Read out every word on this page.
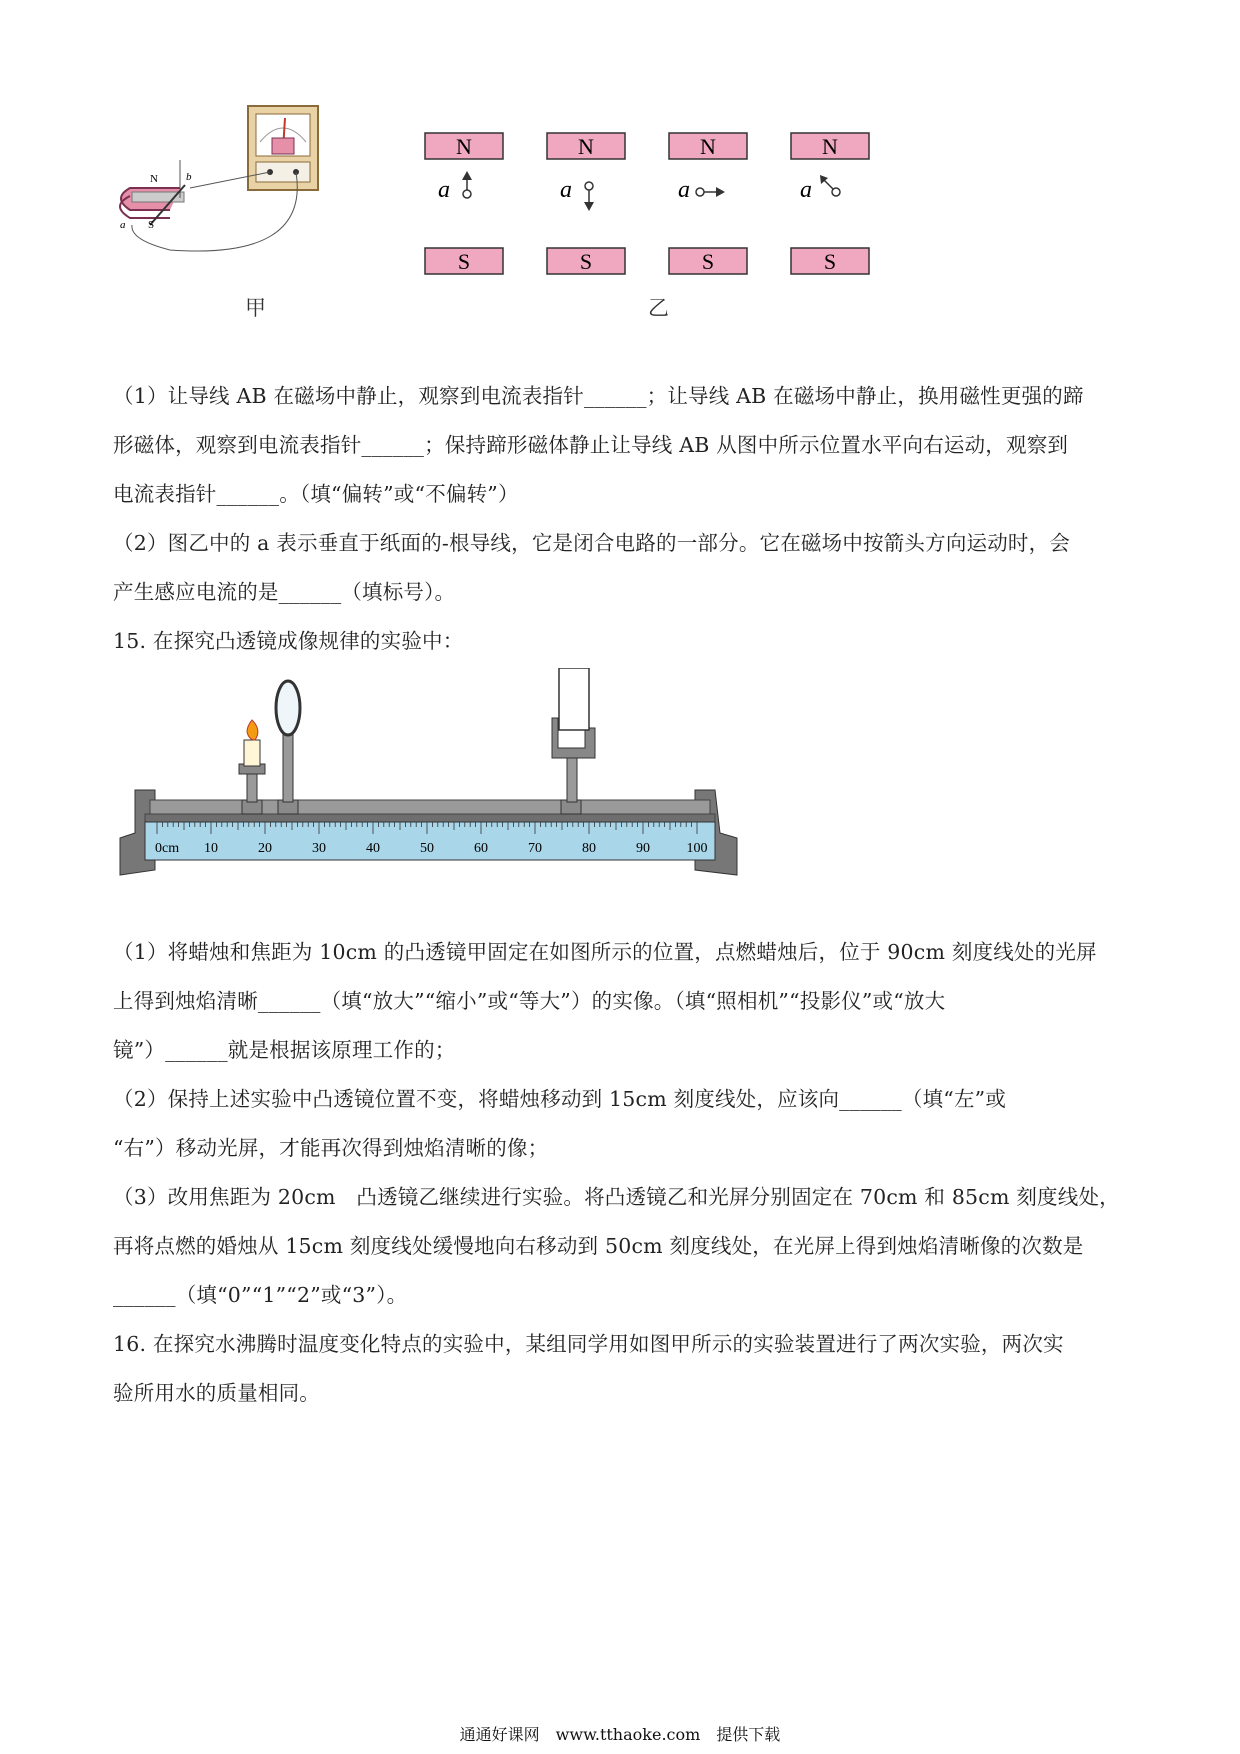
N
S
a
b
甲
N
a
S
N
a
S
N
a
S
N
a
S
乙
（1）让导线 AB 在磁场中静止，观察到电流表指针______；让导线 AB 在磁场中静止，换用磁性更强的蹄
形磁体，观察到电流表指针______；保持蹄形磁体静止让导线 AB 从图中所示位置水平向右运动，观察到
电流表指针______。（填“偏转”或“不偏转”）
（2）图乙中的 a 表示垂直于纸面的-根导线，它是闭合电路的一部分。它在磁场中按箭头方向运动时，会
产生感应电流的是______（填标号）。
15. 在探究凸透镜成像规律的实验中：
0cm 10	20	30	40	50	60	70	80	90	100
（1）将蜡烛和焦距为 10cm 的凸透镜甲固定在如图所示的位置，点燃蜡烛后，位于 90cm 刻度线处的光屏
上得到烛焰清晰______（填“放大”“缩小”或“等大”）的实像。（填“照相机”“投影仪”或“放大
镜”）______就是根据该原理工作的；
（2）保持上述实验中凸透镜位置不变，将蜡烛移动到 15cm 刻度线处，应该向______（填“左”或
“右”）移动光屏，才能再次得到烛焰清晰的像；
（3）改用焦距为 20cm　凸透镜乙继续进行实验。将凸透镜乙和光屏分别固定在 70cm 和 85cm 刻度线处，
再将点燃的婚烛从 15cm 刻度线处缓慢地向右移动到 50cm 刻度线处，在光屏上得到烛焰清晰像的次数是
______（填“0”“1”“2”或“3”）。
16. 在探究水沸腾时温度变化特点的实验中，某组同学用如图甲所示的实验装置进行了两次实验，两次实
验所用水的质量相同。
通通好课网　www.tthaoke.com　提供下载
